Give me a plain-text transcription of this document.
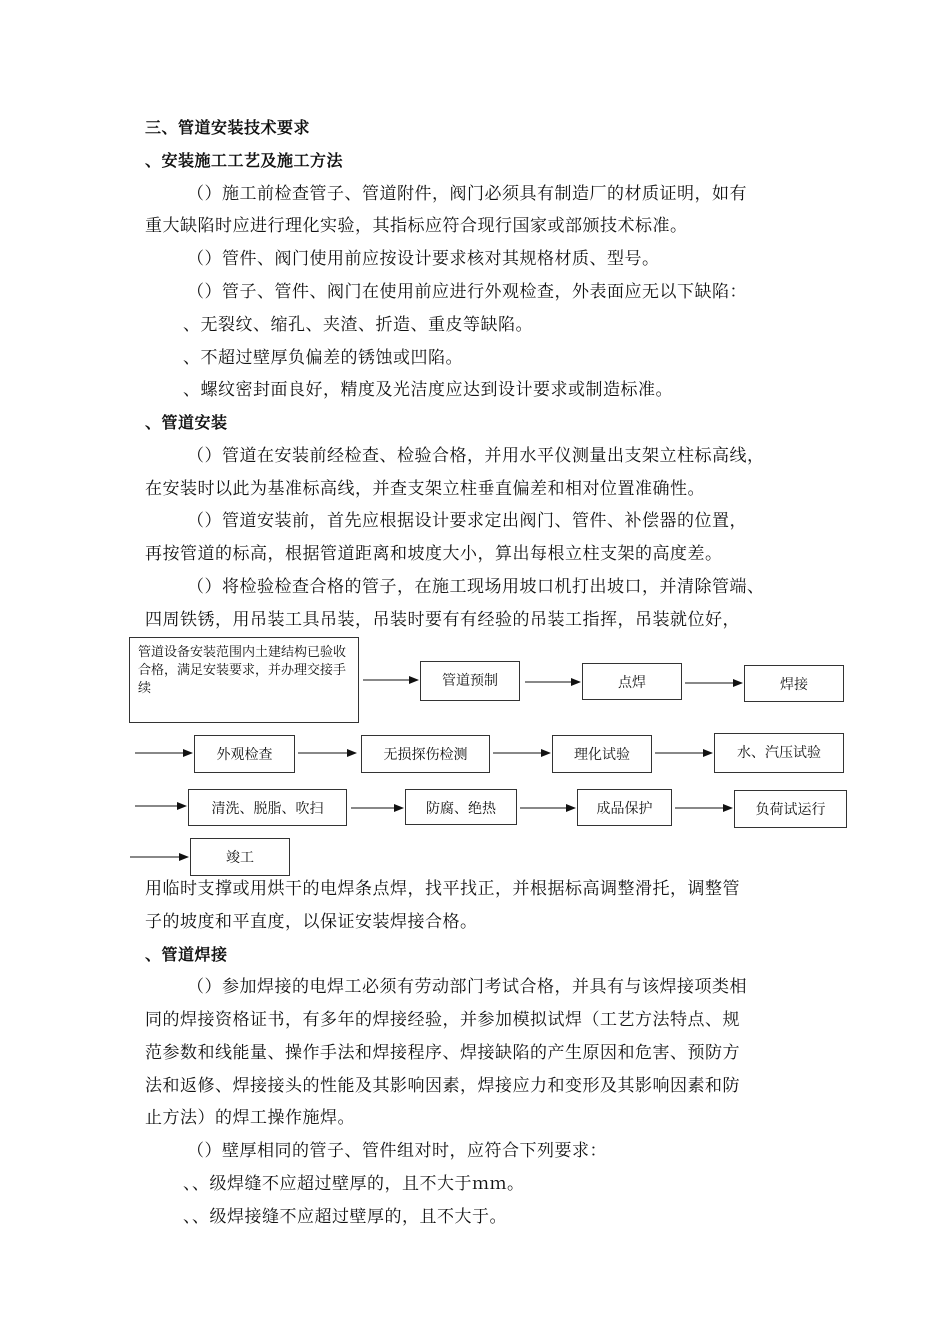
三、管道安装技术要求
、安装施工工艺及施工方法
（）施工前检查管子、管道附件，阀门必须具有制造厂的材质证明，如有
重大缺陷时应进行理化实验，其指标应符合现行国家或部颁技术标准。
（）管件、阀门使用前应按设计要求核对其规格材质、型号。
（）管子、管件、阀门在使用前应进行外观检查，外表面应无以下缺陷：
、无裂纹、缩孔、夹渣、折造、重皮等缺陷。
、不超过壁厚负偏差的锈蚀或凹陷。
、螺纹密封面良好，精度及光洁度应达到设计要求或制造标准。
、管道安装
（）管道在安装前经检查、检验合格，并用水平仪测量出支架立柱标高线，
在安装时以此为基准标高线，并查支架立柱垂直偏差和相对位置准确性。
（）管道安装前，首先应根据设计要求定出阀门、管件、补偿器的位置，
再按管道的标高，根据管道距离和坡度大小，算出每根立柱支架的高度差。
（）将检验检查合格的管子，在施工现场用坡口机打出坡口，并清除管端、
四周铁锈，用吊装工具吊装，吊装时要有有经验的吊装工指挥，吊装就位好，
管道设备安装范围内土建结构已验收合格，满足安装要求，并办理交接手续	管道预制	点焊	焊接
外观检查	无损探伤检测	理化试验	水、汽压试验
清洗、脱脂、吹扫	防腐、绝热	成品保护	负荷试运行
竣工
用临时支撑或用烘干的电焊条点焊，找平找正，并根据标高调整滑托，调整管
子的坡度和平直度，以保证安装焊接合格。
、管道焊接
（）参加焊接的电焊工必须有劳动部门考试合格，并具有与该焊接项类相
同的焊接资格证书，有多年的焊接经验，并参加模拟试焊（工艺方法特点、规
范参数和线能量、操作手法和焊接程序、焊接缺陷的产生原因和危害、预防方
法和返修、焊接接头的性能及其影响因素，焊接应力和变形及其影响因素和防
止方法）的焊工操作施焊。
（）壁厚相同的管子、管件组对时，应符合下列要求：
、、级焊缝不应超过壁厚的，且不大于ｍｍ。
、、级焊接缝不应超过壁厚的，且不大于。
